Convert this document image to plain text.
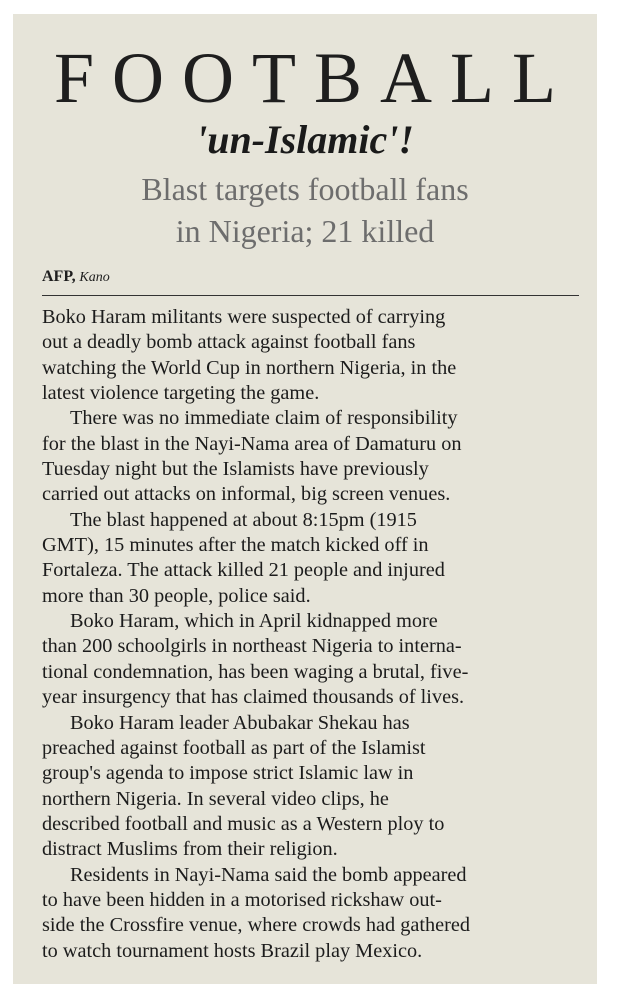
FOOTBALL
'un-Islamic'!
Blast targets football fans
in Nigeria; 21 killed
AFP, Kano
Boko Haram militants were suspected of carrying
out a deadly bomb attack against football fans
watching the World Cup in northern Nigeria, in the
latest violence targeting the game.
There was no immediate claim of responsibility
for the blast in the Nayi-Nama area of Damaturu on
Tuesday night but the Islamists have previously
carried out attacks on informal, big screen venues.
The blast happened at about 8:15pm (1915
GMT), 15 minutes after the match kicked off in
Fortaleza. The attack killed 21 people and injured
more than 30 people, police said.
Boko Haram, which in April kidnapped more
than 200 schoolgirls in northeast Nigeria to interna-
tional condemnation, has been waging a brutal, five-
year insurgency that has claimed thousands of lives.
Boko Haram leader Abubakar Shekau has
preached against football as part of the Islamist
group's agenda to impose strict Islamic law in
northern Nigeria. In several video clips, he
described football and music as a Western ploy to
distract Muslims from their religion.
Residents in Nayi-Nama said the bomb appeared
to have been hidden in a motorised rickshaw out-
side the Crossfire venue, where crowds had gathered
to watch tournament hosts Brazil play Mexico.
